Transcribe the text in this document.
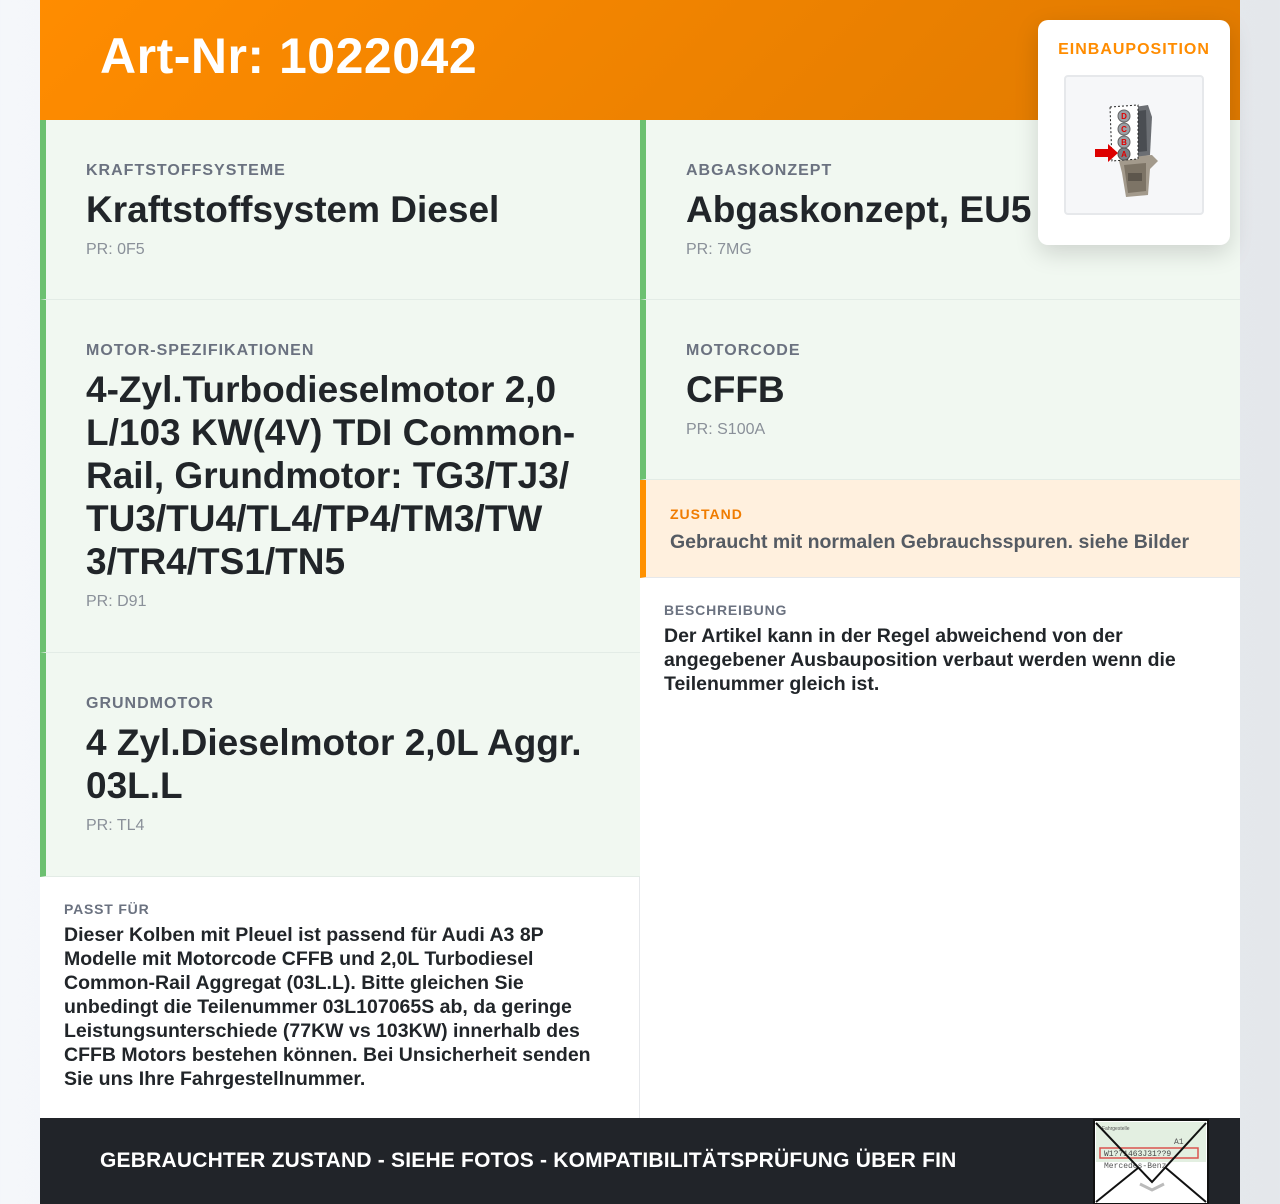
Art-Nr: 1022042
KRAFTSTOFFSYSTEME
Kraftstoffsystem Diesel
PR: 0F5
MOTOR-SPEZIFIKATIONEN
4-Zyl.Turbodieselmotor 2,0 L/103 KW(4V) TDI Common-Rail, Grundmotor: TG3/TJ3/ TU3/TU4/TL4/TP4/TM3/TW 3/TR4/TS1/TN5
PR: D91
GRUNDMOTOR
4 Zyl.Dieselmotor 2,0L Aggr. 03L.L
PR: TL4
PASST FÜR
Dieser Kolben mit Pleuel ist passend für Audi A3 8P Modelle mit Motorcode CFFB und 2,0L Turbodiesel Common-Rail Aggregat (03L.L). Bitte gleichen Sie unbedingt die Teilenummer 03L107065S ab, da geringe Leistungsunterschiede (77KW vs 103KW) innerhalb des CFFB Motors bestehen können. Bei Unsicherheit senden Sie uns Ihre Fahrgestellnummer.
ABGASKONZEPT
Abgaskonzept, EU5
PR: 7MG
MOTORCODE
CFFB
PR: S100A
ZUSTAND
Gebraucht mit normalen Gebrauchsspuren. siehe Bilder
BESCHREIBUNG
Der Artikel kann in der Regel abweichend von der angegebener Ausbauposition verbaut werden wenn die Teilenummer gleich ist.
EINBAUPOSITION
D
C
B
A
GEBRAUCHTER ZUSTAND - SIEHE FOTOS - KOMPATIBILITÄTSPRÜFUNG ÜBER FIN
Fahrgestelle
A1
W1?71463J31??9
Mercedes-Benz
